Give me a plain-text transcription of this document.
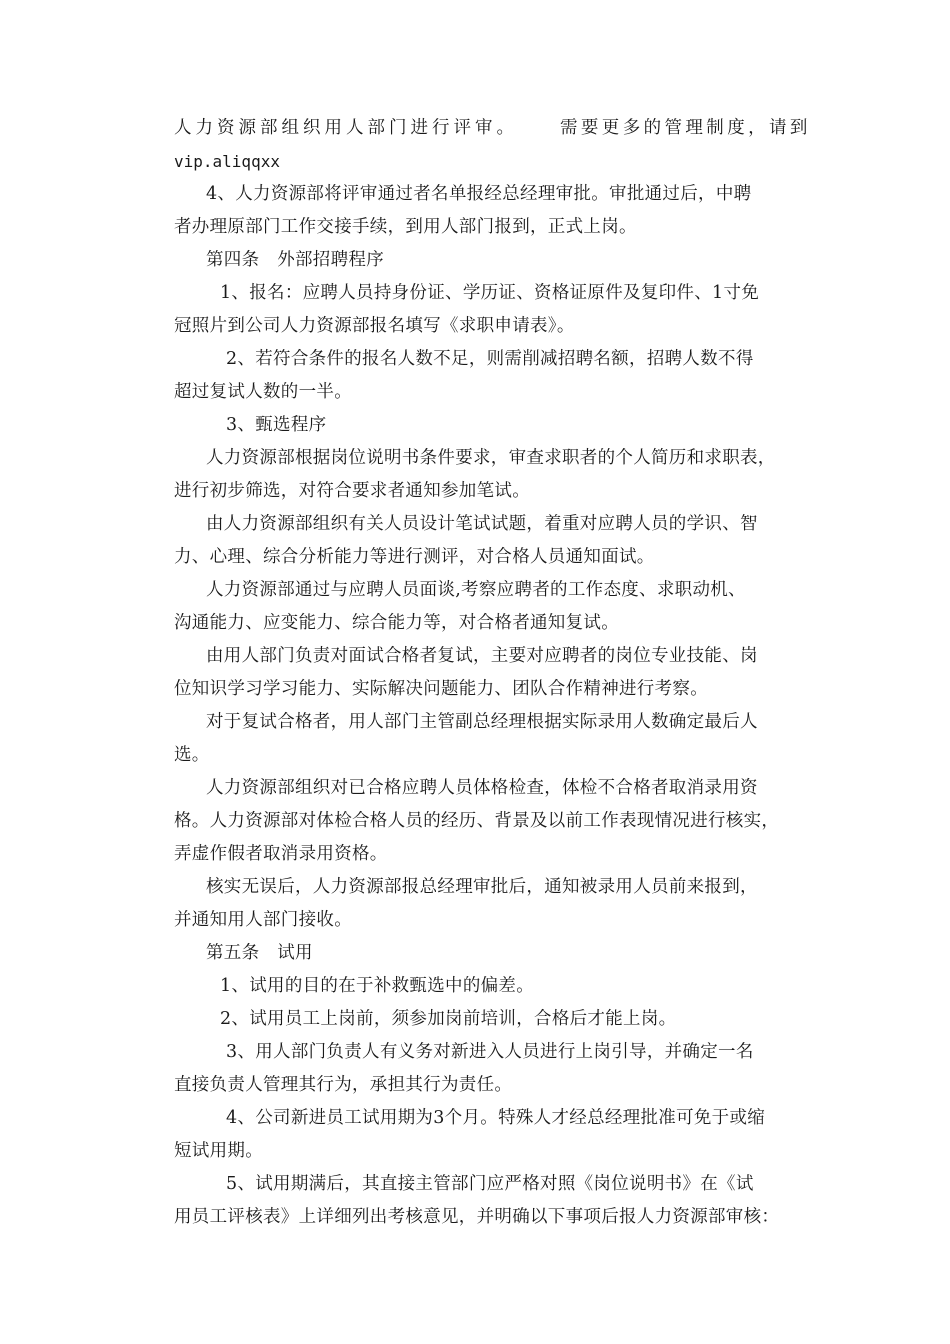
人力资源部组织用人部门进行评审。 需要更多的管理制度，请到
vip.aliqqxx
4、人力资源部将评审通过者名单报经总经理审批。审批通过后，中聘
者办理原部门工作交接手续，到用人部门报到，正式上岗。
第四条　外部招聘程序
1、报名：应聘人员持身份证、学历证、资格证原件及复印件、1寸免
冠照片到公司人力资源部报名填写《求职申请表》。
2、若符合条件的报名人数不足，则需削减招聘名额，招聘人数不得
超过复试人数的一半。
3、甄选程序
人力资源部根据岗位说明书条件要求，审查求职者的个人简历和求职表，
进行初步筛选，对符合要求者通知参加笔试。
由人力资源部组织有关人员设计笔试试题，着重对应聘人员的学识、智
力、心理、综合分析能力等进行测评，对合格人员通知面试。
人力资源部通过与应聘人员面谈,考察应聘者的工作态度、求职动机、
沟通能力、应变能力、综合能力等，对合格者通知复试。
由用人部门负责对面试合格者复试，主要对应聘者的岗位专业技能、岗
位知识学习学习能力、实际解决问题能力、团队合作精神进行考察。
对于复试合格者，用人部门主管副总经理根据实际录用人数确定最后人
选。
人力资源部组织对已合格应聘人员体格检查，体检不合格者取消录用资
格。人力资源部对体检合格人员的经历、背景及以前工作表现情况进行核实，
弄虚作假者取消录用资格。
核实无误后，人力资源部报总经理审批后，通知被录用人员前来报到，
并通知用人部门接收。
第五条　试用
1、试用的目的在于补救甄选中的偏差。
2、试用员工上岗前，须参加岗前培训，合格后才能上岗。
3、用人部门负责人有义务对新进入人员进行上岗引导，并确定一名
直接负责人管理其行为，承担其行为责任。
4、公司新进员工试用期为3个月。特殊人才经总经理批准可免于或缩
短试用期。
5、试用期满后，其直接主管部门应严格对照《岗位说明书》在《试
用员工评核表》上详细列出考核意见，并明确以下事项后报人力资源部审核：
